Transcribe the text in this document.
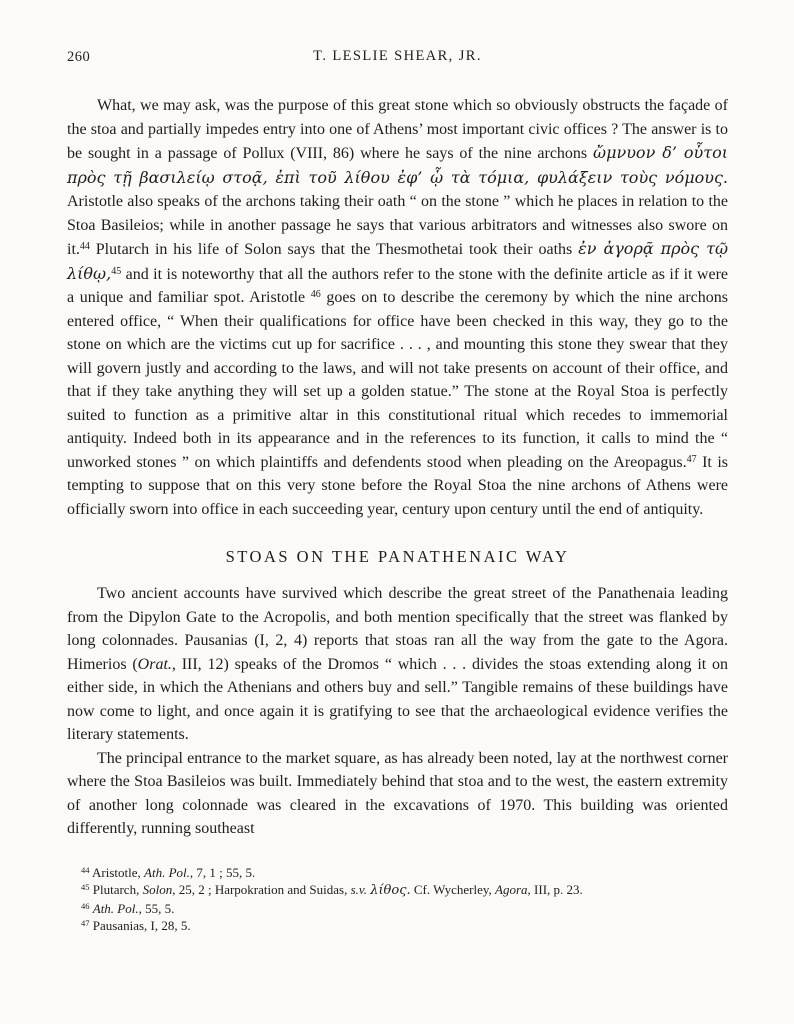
260	T. LESLIE SHEAR, JR.

What, we may ask, was the purpose of this great stone which so obviously obstructs the façade of the stoa and partially impedes entry into one of Athens’ most important civic offices ? The answer is to be sought in a passage of Pollux (VIII, 86) where he says of the nine archons ὤμνυον δ’ οὗτοι πρὸς τῇ βασιλείῳ στοᾷ, ἐπὶ τοῦ λίθου ἐφ’ ᾧ τὰ τόμια, φυλάξειν τοὺς νόμους. Aristotle also speaks of the archons taking their oath “ on the stone ” which he places in relation to the Stoa Basileios; while in another passage he says that various arbitrators and witnesses also swore on it.$^{44}$ Plutarch in his life of Solon says that the Thesmothetai took their oaths ἐν ἀγορᾷ πρὸς τῷ λίθῳ,$^{45}$ and it is noteworthy that all the authors refer to the stone with the definite article as if it were a unique and familiar spot. Aristotle $^{46}$ goes on to describe the ceremony by which the nine archons entered office, “ When their qualifications for office have been checked in this way, they go to the stone on which are the victims cut up for sacrifice . . . , and mounting this stone they swear that they will govern justly and according to the laws, and will not take presents on account of their office, and that if they take anything they will set up a golden statue.” The stone at the Royal Stoa is perfectly suited to function as a primitive altar in this constitutional ritual which recedes to immemorial antiquity. Indeed both in its appearance and in the references to its function, it calls to mind the “ unworked stones ” on which plaintiffs and defendents stood when pleading on the Areopagus.$^{47}$ It is tempting to suppose that on this very stone before the Royal Stoa the nine archons of Athens were officially sworn into office in each succeeding year, century upon century until the end of antiquity.

STOAS ON THE PANATHENAIC WAY

Two ancient accounts have survived which describe the great street of the Panathenaia leading from the Dipylon Gate to the Acropolis, and both mention specifically that the street was flanked by long colonnades. Pausanias (I, 2, 4) reports that stoas ran all the way from the gate to the Agora. Himerios (Orat., III, 12) speaks of the Dromos “ which . . . divides the stoas extending along it on either side, in which the Athenians and others buy and sell.” Tangible remains of these buildings have now come to light, and once again it is gratifying to see that the archaeological evidence verifies the literary statements.

The principal entrance to the market square, as has already been noted, lay at the northwest corner where the Stoa Basileios was built. Immediately behind that stoa and to the west, the eastern extremity of another long colonnade was cleared in the excavations of 1970. This building was oriented differently, running southeast

$^{44}$ Aristotle, Ath. Pol., 7, 1 ; 55, 5.

$^{45}$ Plutarch, Solon, 25, 2 ; Harpokration and Suidas, s.v. λίθος. Cf. Wycherley, Agora, III, p. 23.

$^{46}$ Ath. Pol., 55, 5.

$^{47}$ Pausanias, I, 28, 5.
